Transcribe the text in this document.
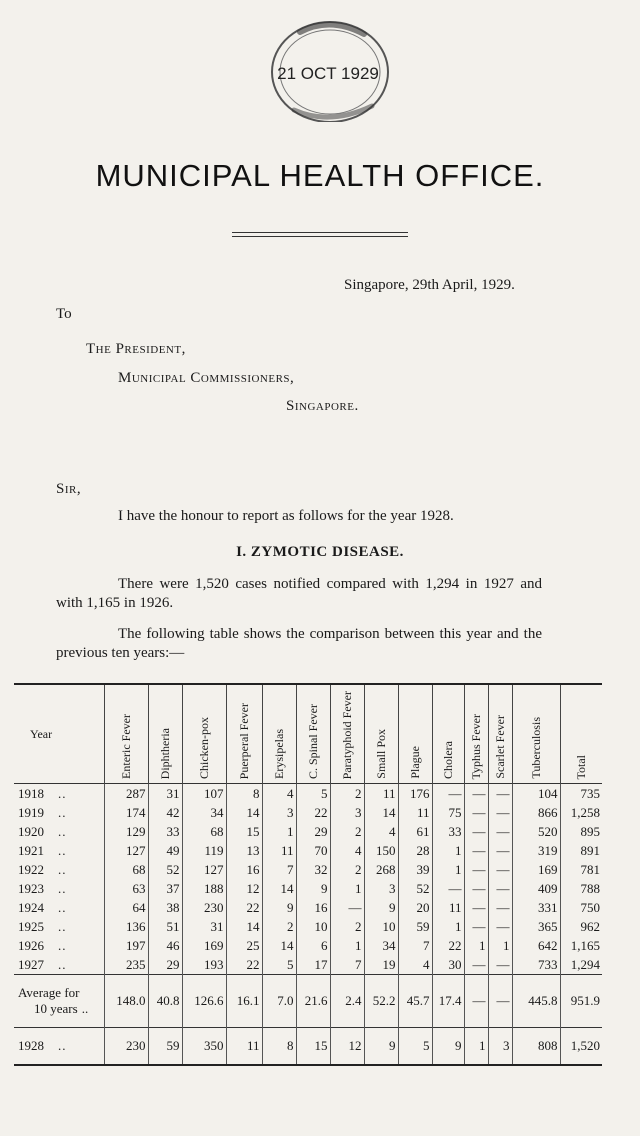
21 OCT 1929
MUNICIPAL HEALTH OFFICE.
Singapore, 29th April, 1929.
To
The President,
Municipal Commissioners,
Singapore.
Sir,
I have the honour to report as follows for the year 1928.
I. ZYMOTIC DISEASE.
There were 1,520 cases notified compared with 1,294 in 1927 and with 1,165 in 1926.
The following table shows the comparison between this year and the previous ten years:—
Year	Enteric Fever	Diphtheria	Chicken-pox	Puerperal Fever	Erysipelas	C. Spinal Fever	Paratyphoid Fever	Small Pox	Plague	Cholera	Typhus Fever	Scarlet Fever	Tuberculosis	Total
1918 ..	287	31	107	8	4	5	2	11	176	—	—	—	104	735
1919 ..	174	42	34	14	3	22	3	14	11	75	—	—	866	1,258
1920 ..	129	33	68	15	1	29	2	4	61	33	—	—	520	895
1921 ..	127	49	119	13	11	70	4	150	28	1	—	—	319	891
1922 ..	68	52	127	16	7	32	2	268	39	1	—	—	169	781
1923 ..	63	37	188	12	14	9	1	3	52	—	—	—	409	788
1924 ..	64	38	230	22	9	16	—	9	20	11	—	—	331	750
1925 ..	136	51	31	14	2	10	2	10	59	1	—	—	365	962
1926 ..	197	46	169	25	14	6	1	34	7	22	1	1	642	1,165
1927 ..	235	29	193	22	5	17	7	19	4	30	—	—	733	1,294

Average for
10 years ..	148.0	40.8	126.6	16.1	7.0	21.6	2.4	52.2	45.7	17.4	—	—	445.8	951.9
1928 ..	230	59	350	11	8	15	12	9	5	9	1	3	808	1,520
